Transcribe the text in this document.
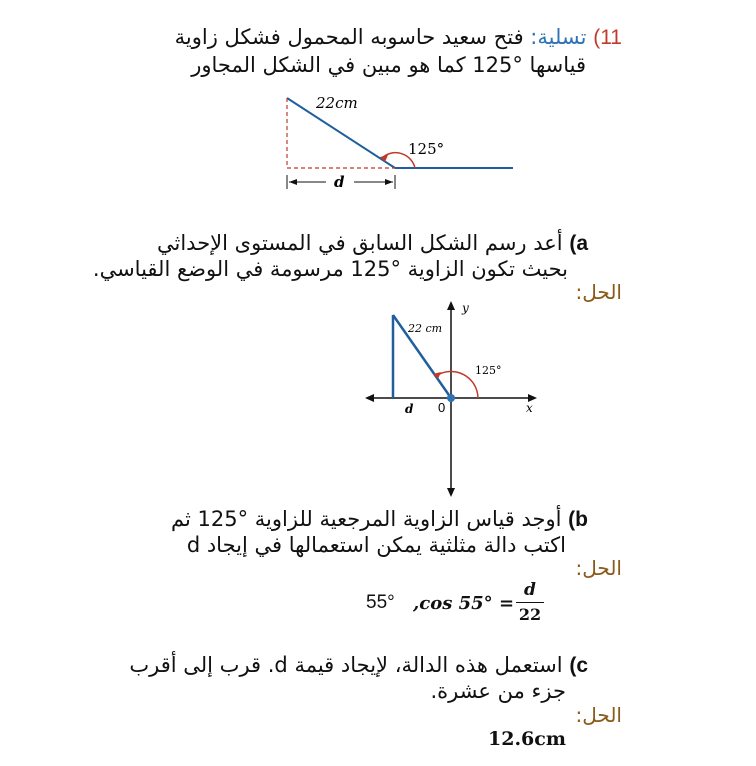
11) تسلية: فتح سعيد حاسوبه المحمول فشكل زاوية
قياسها °125 كما هو مبين في الشكل المجاور
22cm
125°
d
a) أعد رسم الشكل السابق في المستوى الإحداثي
بحيث تكون الزاوية °125 مرسومة في الوضع القياسي.
الحل:
22 cm
125°
d 0	x
y
b) أوجد قياس الزاوية المرجعية للزاوية °125 ثم
اكتب دالة مثلثية يمكن استعمالها في إيجاد d
الحل:
55° ,cos 55° =
d
22
c) استعمل هذه الدالة، لإيجاد قيمة d. قرب إلى أقرب
جزء من عشرة.
الحل:
12.6cm
